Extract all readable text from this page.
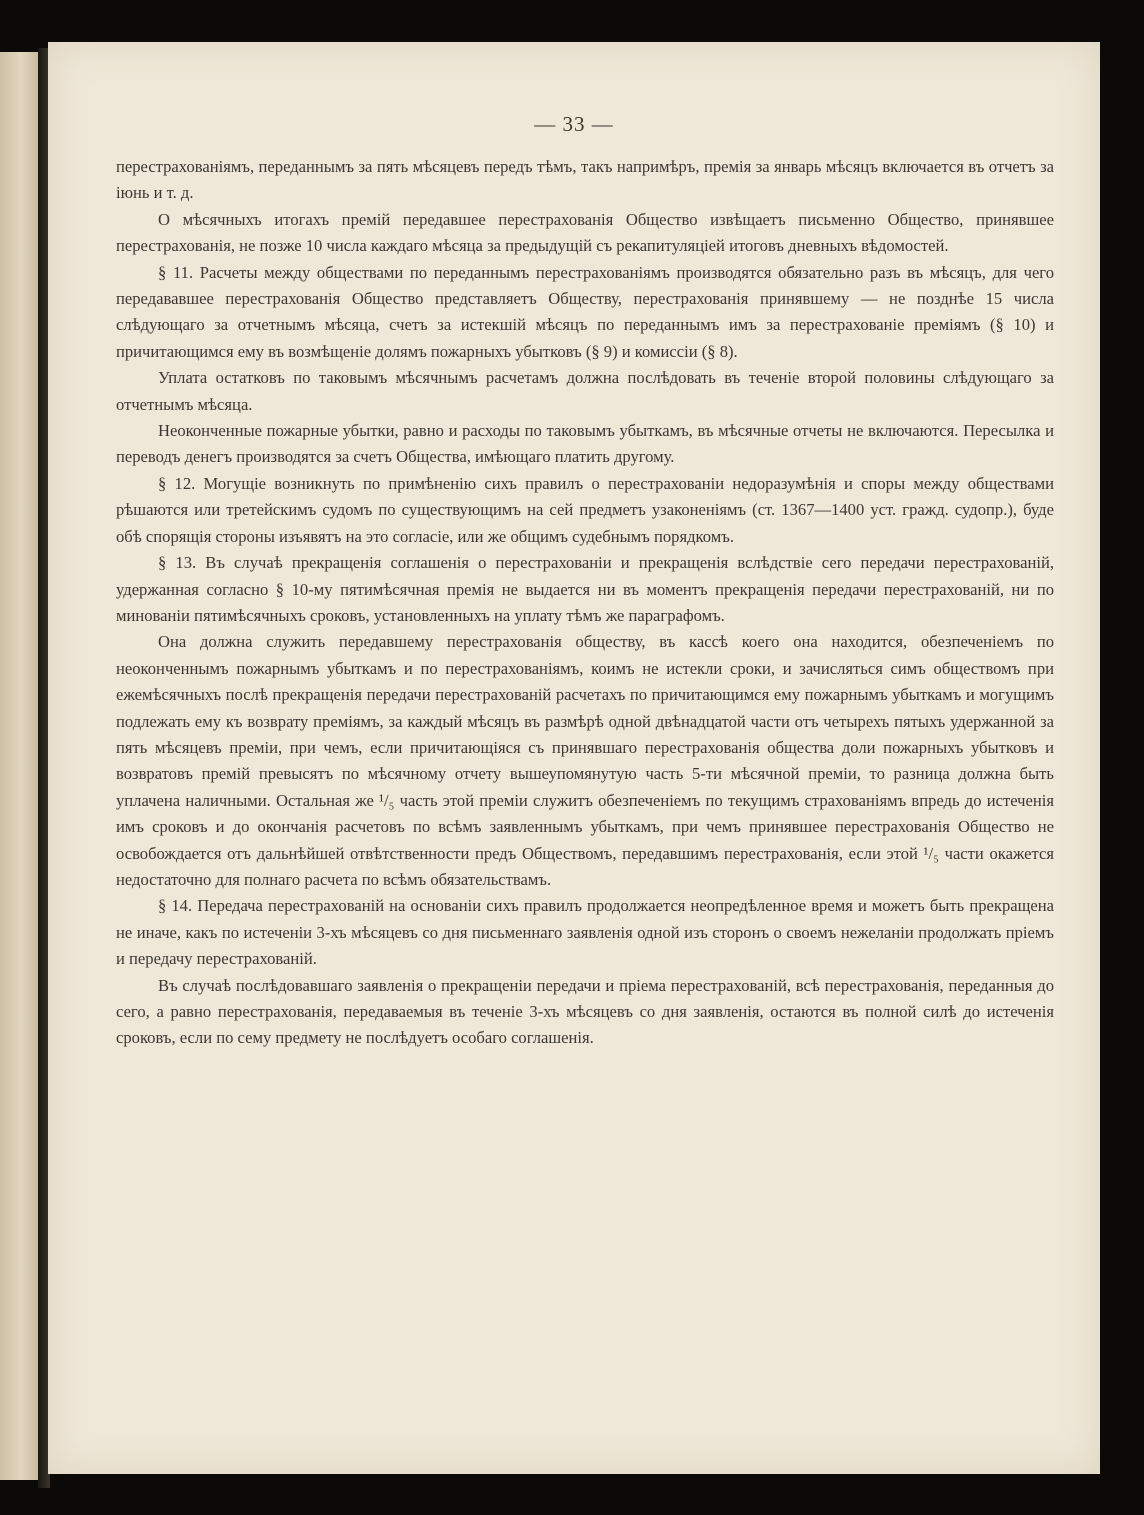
— 33 —

перестрахованіямъ, переданнымъ за пять мѣсяцевъ передъ тѣмъ, такъ напримѣръ, премія за январь мѣсяцъ включается въ отчетъ за іюнь и т. д.

О мѣсячныхъ итогахъ премій передавшее перестрахованія Общество извѣщаетъ письменно Общество, принявшее перестрахованія, не позже 10 числа каждаго мѣсяца за предыдущій съ рекапитуляціей итоговъ дневныхъ вѣдомостей.

§ 11. Расчеты между обществами по переданнымъ перестрахованіямъ производятся обязательно разъ въ мѣсяцъ, для чего передававшее перестрахованія Общество представляетъ Обществу, перестрахованія принявшему — не позднѣе 15 числа слѣдующаго за отчетнымъ мѣсяца, счетъ за истекшій мѣсяцъ по переданнымъ имъ за перестрахованіе преміямъ (§ 10) и причитающимся ему въ возмѣщеніе долямъ пожарныхъ убытковъ (§ 9) и комиссіи (§ 8).

Уплата остатковъ по таковымъ мѣсячнымъ расчетамъ должна послѣдовать въ теченіе второй половины слѣдующаго за отчетнымъ мѣсяца.

Неоконченные пожарные убытки, равно и расходы по таковымъ убыткамъ, въ мѣсячные отчеты не включаются. Пересылка и переводъ денегъ производятся за счетъ Общества, имѣющаго платить другому.

§ 12. Могущіе возникнуть по примѣненію сихъ правилъ о перестрахованіи недоразумѣнія и споры между обществами рѣшаются или третейскимъ судомъ по существующимъ на сей предметъ узаконеніямъ (ст. 1367—1400 уст. гражд. судопр.), буде обѣ спорящія стороны изъявятъ на это согласіе, или же общимъ судебнымъ порядкомъ.

§ 13. Въ случаѣ прекращенія соглашенія о перестрахованіи и прекращенія вслѣдствіе сего передачи перестрахованій, удержанная согласно § 10-му пятимѣсячная премія не выдается ни въ моментъ прекращенія передачи перестрахованій, ни по минованіи пятимѣсячныхъ сроковъ, установленныхъ на уплату тѣмъ же параграфомъ.

Она должна служить передавшему перестрахованія обществу, въ кассѣ коего она находится, обезпеченіемъ по неоконченнымъ пожарнымъ убыткамъ и по перестрахованіямъ, коимъ не истекли сроки, и зачисляться симъ обществомъ при ежемѣсячныхъ послѣ прекращенія передачи перестрахованій расчетахъ по причитающимся ему пожарнымъ убыткамъ и могущимъ подлежать ему къ возврату преміямъ, за каждый мѣсяцъ въ размѣрѣ одной двѣнадцатой части отъ четырехъ пятыхъ удержанной за пять мѣсяцевъ преміи, при чемъ, если причитающіяся съ принявшаго перестрахованія общества доли пожарныхъ убытковъ и возвратовъ премій превысятъ по мѣсячному отчету вышеупомянутую часть 5-ти мѣсячной преміи, то разница должна быть уплачена наличными. Остальная же ¹/₅ часть этой преміи служитъ обезпеченіемъ по текущимъ страхованіямъ впредь до истеченія имъ сроковъ и до окончанія расчетовъ по всѣмъ заявленнымъ убыткамъ, при чемъ принявшее перестрахованія Общество не освобождается отъ дальнѣйшей отвѣтственности предъ Обществомъ, передавшимъ перестрахованія, если этой ¹/₅ части окажется недостаточно для полнаго расчета по всѣмъ обязательствамъ.

§ 14. Передача перестрахованій на основаніи сихъ правилъ продолжается неопредѣленное время и можетъ быть прекращена не иначе, какъ по истеченіи 3-хъ мѣсяцевъ со дня письменнаго заявленія одной изъ сторонъ о своемъ нежеланіи продолжать пріемъ и передачу перестрахованій.

Въ случаѣ послѣдовавшаго заявленія о прекращеніи передачи и пріема перестрахованій, всѣ перестрахованія, переданныя до сего, а равно перестрахованія, передаваемыя въ теченіе 3-хъ мѣсяцевъ со дня заявленія, остаются въ полной силѣ до истеченія сроковъ, если по сему предмету не послѣдуетъ особаго соглашенія.
